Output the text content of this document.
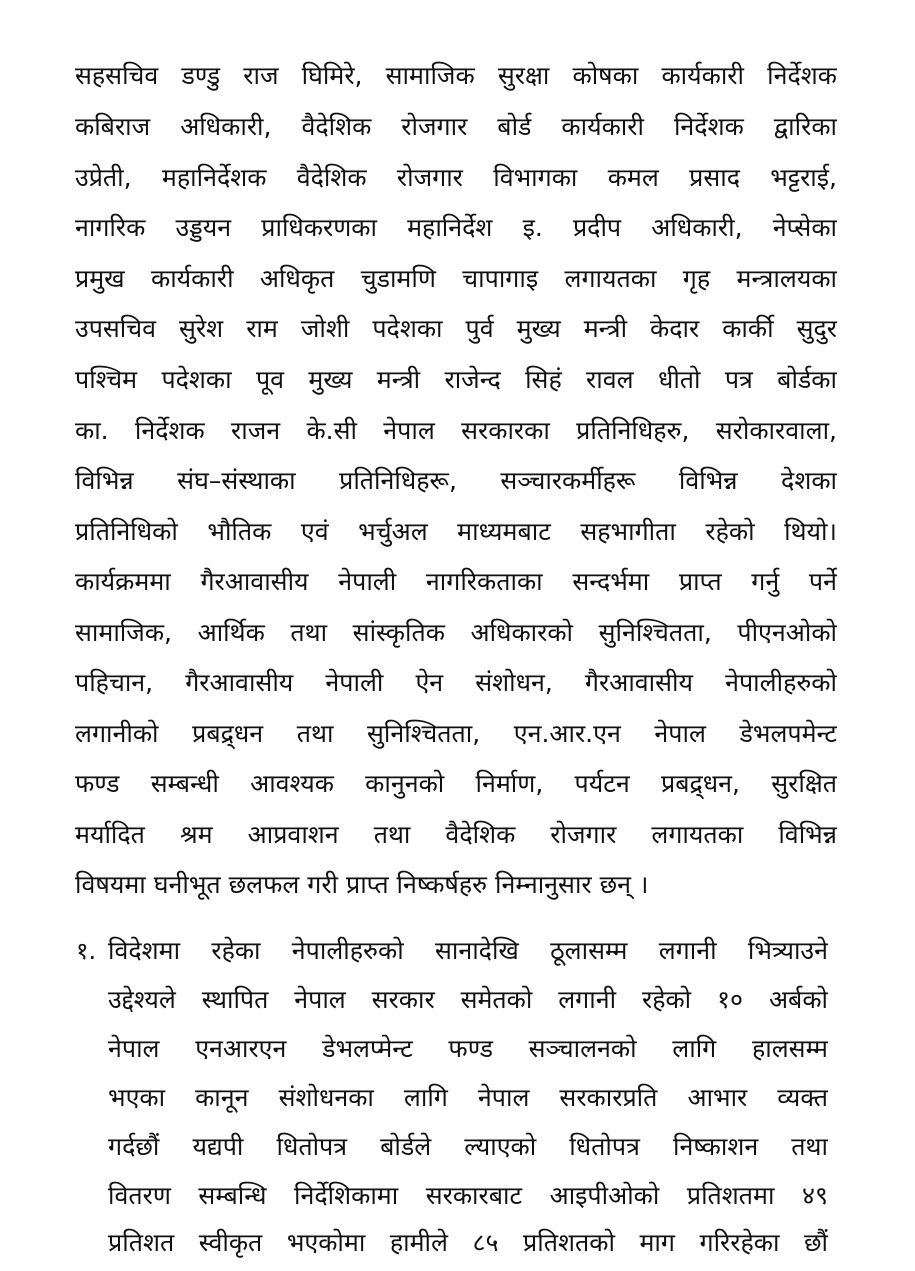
सहसचिव डण्डु राज घिमिरे, सामाजिक सुरक्षा कोषका कार्यकारी निर्देशक
कबिराज अधिकारी, वैदेशिक रोजगार बोर्ड कार्यकारी निर्देशक द्वारिका
उप्रेती, महानिर्देशक वैदेशिक रोजगार विभागका कमल प्रसाद भट्टराई,
नागरिक उड्डयन प्राधिकरणका महानिर्देश इ. प्रदीप अधिकारी, नेप्सेका
प्रमुख कार्यकारी अधिकृत चुडामणि चापागाइ लगायतका गृह मन्त्रालयका
उपसचिव सुरेश राम जोशी पदेशका पुर्व मुख्य मन्त्री केदार कार्की सुदुर
पश्चिम पदेशका पूव मुख्य मन्त्री राजेन्द सिहं रावल धीतो पत्र बोर्डका
का. निर्देशक राजन के.सी नेपाल सरकारका प्रतिनिधिहरु, सरोकारवाला,
विभिन्न संघ–संस्थाका प्रतिनिधिहरू, सञ्चारकर्मीहरू विभिन्न देशका
प्रतिनिधिको भौतिक एवं भर्चुअल माध्यमबाट सहभागीता रहेको थियो।
कार्यक्रममा गैरआवासीय नेपाली नागरिकताका सन्दर्भमा प्राप्त गर्नु पर्ने
सामाजिक, आर्थिक तथा सांस्कृतिक अधिकारको सुनिश्चितता, पीएनओको
पहिचान, गैरआवासीय नेपाली ऐन संशोधन, गैरआवासीय नेपालीहरुको
लगानीको प्रबद्र्धन तथा सुनिश्चितता, एन.आर.एन नेपाल डेभलपमेन्ट
फण्ड सम्बन्धी आवश्यक कानुनको निर्माण, पर्यटन प्रबद्र्धन, सुरक्षित
मर्यादित श्रम आप्रवाशन तथा वैदेशिक रोजगार लगायतका विभिन्न
विषयमा घनीभूत छलफल गरी प्राप्त निष्कर्षहरु निम्नानुसार छन् ।
१. विदेशमा रहेका नेपालीहरुको सानादेखि ठूलासम्म लगानी भित्र्याउने
उद्देश्यले स्थापित नेपाल सरकार समेतको लगानी रहेको १० अर्बको
नेपाल एनआरएन डेभलप्मेन्ट फण्ड सञ्चालनको लागि हालसम्म
भएका कानून संशोधनका लागि नेपाल सरकारप्रति आभार व्यक्त
गर्दछौं यद्यपी धितोपत्र बोर्डले ल्याएको धितोपत्र निष्काशन तथा
वितरण सम्बन्धि निर्देशिकामा सरकारबाट आइपीओको प्रतिशतमा ४९
प्रतिशत स्वीकृत भएकोमा हामीले ८५ प्रतिशतको माग गरिरहेका छौं
